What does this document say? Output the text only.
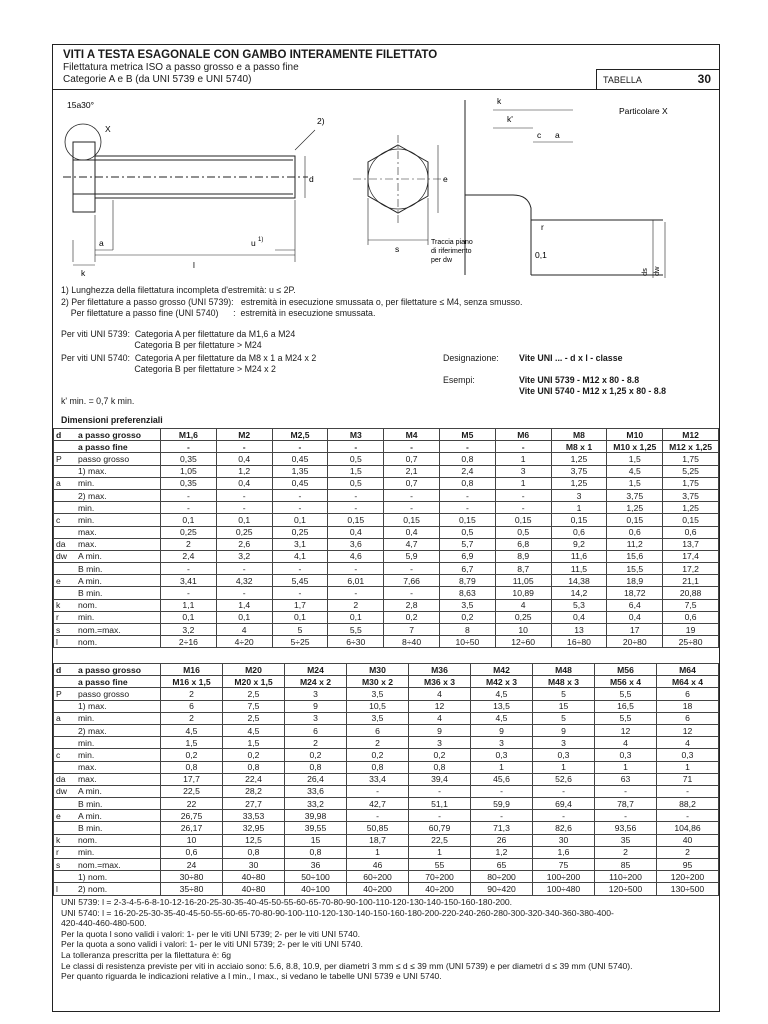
VITI A TESTA ESAGONALE CON GAMBO INTERAMENTE FILETTATO
Filettatura metrica ISO a passo grosso e a passo fine
Categorie A e B (da UNI 5739 e UNI 5740)	TABELLA	30
15a30°
X
2)
d
a	u 1)
k
l
s
e
k
k'
c a
r
ds dw
Particolare X
Traccia piano
di riferimento
per dw
0,1
1) Lunghezza della filettatura incompleta d'estremità: u ≤ 2P.
2) Per filettature a passo grosso (UNI 5739):   estremità in esecuzione smussata o, per filettature ≤ M4, senza smusso.
Per filettature a passo fine (UNI 5740)      :  estremità in esecuzione smussata.
Per viti UNI 5739:  Categoria A per filettature da M1,6 a M24
Categoria B per filettature > M24
Per viti UNI 5740:  Categoria A per filettature da M8 x 1 a M24 x 2
Categoria B per filettature > M24 x 2
Designazione: Vite UNI ... - d x l - classe
Esempi:	Vite UNI 5739 - M12 x 80 - 8.8
Vite UNI 5740 - M12 x 1,25 x 80 - 8.8
k' min. = 0,7 k min.
Dimensioni preferenziali
d	a passo grosso	M1,6	M2	M2,5	M3	M4	M5	M6	M8	M10	M12
	a passo fine	-	-	-	-	-	-	-	M8 x 1	M10 x 1,25	M12 x 1,25
P	passo grosso	0,35	0,4	0,45	0,5	0,7	0,8	1	1,25	1,5	1,75
	1) max.	1,05	1,2	1,35	1,5	2,1	2,4	3	3,75	4,5	5,25
a	min.	0,35	0,4	0,45	0,5	0,7	0,8	1	1,25	1,5	1,75
	2) max.	-	-	-	-	-	-	-	3	3,75	3,75
	min.	-	-	-	-	-	-	-	1	1,25	1,25
c	min.	0,1	0,1	0,1	0,15	0,15	0,15	0,15	0,15	0,15	0,15
	max.	0,25	0,25	0,25	0,4	0,4	0,5	0,5	0,6	0,6	0,6
da	max.	2	2,6	3,1	3,6	4,7	5,7	6,8	9,2	11,2	13,7
dw	A min.	2,4	3,2	4,1	4,6	5,9	6,9	8,9	11,6	15,6	17,4
	B min.	-	-	-	-	-	6,7	8,7	11,5	15,5	17,2
e	A min.	3,41	4,32	5,45	6,01	7,66	8,79	11,05	14,38	18,9	21,1
	B min.	-	-	-	-	-	8,63	10,89	14,2	18,72	20,88
k	nom.	1,1	1,4	1,7	2	2,8	3,5	4	5,3	6,4	7,5
r	min.	0,1	0,1	0,1	0,1	0,2	0,2	0,25	0,4	0,4	0,6
s	nom.=max.	3,2	4	5	5,5	7	8	10	13	17	19
l	nom.	2÷16	4÷20	5÷25	6÷30	8÷40	10÷50	12÷60	16÷80	20÷80	25÷80
d	a passo grosso	M16	M20	M24	M30	M36	M42	M48	M56	M64
	a passo fine	M16 x 1,5	M20 x 1,5	M24 x 2	M30 x 2	M36 x 3	M42 x 3	M48 x 3	M56 x 4	M64 x 4
P	passo grosso	2	2,5	3	3,5	4	4,5	5	5,5	6
	1) max.	6	7,5	9	10,5	12	13,5	15	16,5	18
a	min.	2	2,5	3	3,5	4	4,5	5	5,5	6
	2) max.	4,5	4,5	6	6	9	9	9	12	12
	min.	1,5	1,5	2	2	3	3	3	4	4
c	min.	0,2	0,2	0,2	0,2	0,2	0,3	0,3	0,3	0,3
	max.	0,8	0,8	0,8	0,8	0,8	1	1	1	1
da	max.	17,7	22,4	26,4	33,4	39,4	45,6	52,6	63	71
dw	A min.	22,5	28,2	33,6	-	-	-	-	-	-
	B min.	22	27,7	33,2	42,7	51,1	59,9	69,4	78,7	88,2
e	A min.	26,75	33,53	39,98	-	-	-	-	-	-
	B min.	26,17	32,95	39,55	50,85	60,79	71,3	82,6	93,56	104,86
k	nom.	10	12,5	15	18,7	22,5	26	30	35	40
r	min.	0,6	0,8	0,8	1	1	1,2	1,6	2	2
s	nom.=max.	24	30	36	46	55	65	75	85	95
	1) nom.	30÷80	40÷80	50÷100	60÷200	70÷200	80÷200	100÷200	110÷200	120÷200
l	2) nom.	35÷80	40÷80	40÷100	40÷200	40÷200	90÷420	100÷480	120÷500	130÷500
UNI 5739: l = 2-3-4-5-6-8-10-12-16-20-25-30-35-40-45-50-55-60-65-70-80-90-100-110-120-130-140-150-160-180-200.
UNI 5740: l = 16-20-25-30-35-40-45-50-55-60-65-70-80-90-100-110-120-130-140-150-160-180-200-220-240-260-280-300-320-340-360-380-400-
420-440-460-480-500.
Per la quota l sono validi i valori: 1- per le viti UNI 5739; 2- per le viti UNI 5740.
Per la quota a sono validi i valori: 1- per le viti UNI 5739; 2- per le viti UNI 5740.
La tolleranza prescritta per la filettatura è: 6g
Le classi di resistenza previste per viti in acciaio sono: 5.6, 8.8, 10.9, per diametri 3 mm ≤ d ≤ 39 mm (UNI 5739) e per diametri d ≤ 39 mm (UNI 5740).
Per quanto riguarda le indicazioni relative a l min., l max., si vedano le tabelle UNI 5739 e UNI 5740.
